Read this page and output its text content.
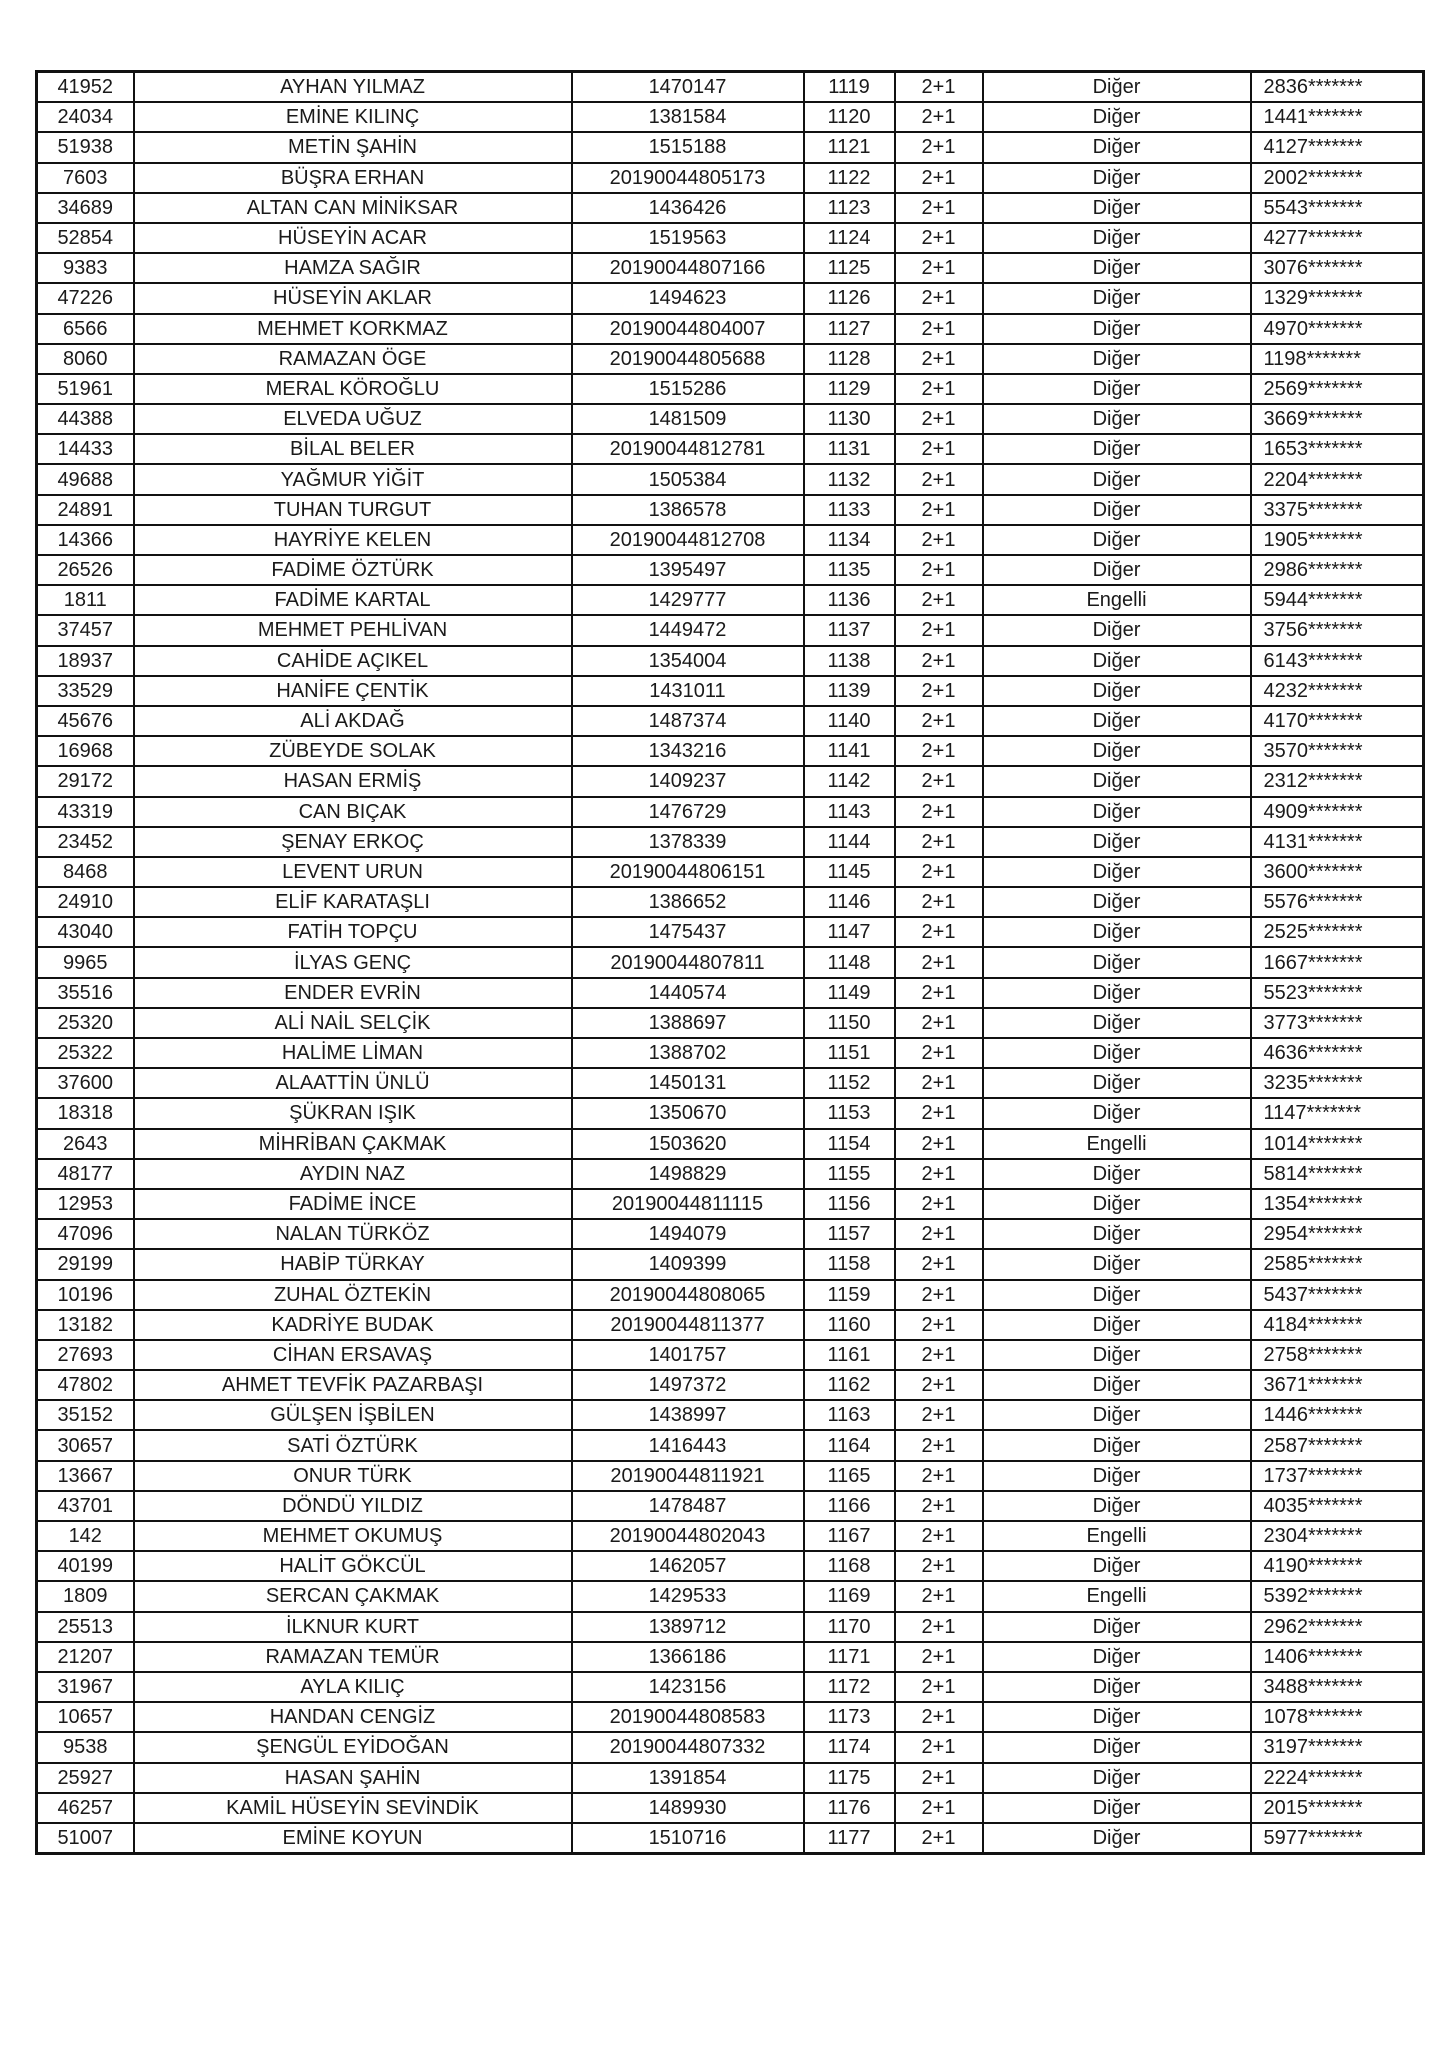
41952	AYHAN YILMAZ	1470147	1119	2+1	Diğer	2836*******
24034	EMİNE KILINÇ	1381584	1120	2+1	Diğer	1441*******
51938	METİN ŞAHİN	1515188	1121	2+1	Diğer	4127*******
7603	BÜŞRA ERHAN	20190044805173	1122	2+1	Diğer	2002*******
34689	ALTAN CAN MİNİKSAR	1436426	1123	2+1	Diğer	5543*******
52854	HÜSEYİN ACAR	1519563	1124	2+1	Diğer	4277*******
9383	HAMZA SAĞIR	20190044807166	1125	2+1	Diğer	3076*******
47226	HÜSEYİN AKLAR	1494623	1126	2+1	Diğer	1329*******
6566	MEHMET KORKMAZ	20190044804007	1127	2+1	Diğer	4970*******
8060	RAMAZAN ÖGE	20190044805688	1128	2+1	Diğer	1198*******
51961	MERAL KÖROĞLU	1515286	1129	2+1	Diğer	2569*******
44388	ELVEDA UĞUZ	1481509	1130	2+1	Diğer	3669*******
14433	BİLAL BELER	20190044812781	1131	2+1	Diğer	1653*******
49688	YAĞMUR YİĞİT	1505384	1132	2+1	Diğer	2204*******
24891	TUHAN TURGUT	1386578	1133	2+1	Diğer	3375*******
14366	HAYRİYE KELEN	20190044812708	1134	2+1	Diğer	1905*******
26526	FADİME ÖZTÜRK	1395497	1135	2+1	Diğer	2986*******
1811	FADİME KARTAL	1429777	1136	2+1	Engelli	5944*******
37457	MEHMET PEHLİVAN	1449472	1137	2+1	Diğer	3756*******
18937	CAHİDE AÇIKEL	1354004	1138	2+1	Diğer	6143*******
33529	HANİFE ÇENTİK	1431011	1139	2+1	Diğer	4232*******
45676	ALİ AKDAĞ	1487374	1140	2+1	Diğer	4170*******
16968	ZÜBEYDE SOLAK	1343216	1141	2+1	Diğer	3570*******
29172	HASAN ERMİŞ	1409237	1142	2+1	Diğer	2312*******
43319	CAN BIÇAK	1476729	1143	2+1	Diğer	4909*******
23452	ŞENAY ERKOÇ	1378339	1144	2+1	Diğer	4131*******
8468	LEVENT URUN	20190044806151	1145	2+1	Diğer	3600*******
24910	ELİF KARATAŞLI	1386652	1146	2+1	Diğer	5576*******
43040	FATİH TOPÇU	1475437	1147	2+1	Diğer	2525*******
9965	İLYAS GENÇ	20190044807811	1148	2+1	Diğer	1667*******
35516	ENDER EVRİN	1440574	1149	2+1	Diğer	5523*******
25320	ALİ NAİL SELÇİK	1388697	1150	2+1	Diğer	3773*******
25322	HALİME LİMAN	1388702	1151	2+1	Diğer	4636*******
37600	ALAATTİN ÜNLÜ	1450131	1152	2+1	Diğer	3235*******
18318	ŞÜKRAN IŞIK	1350670	1153	2+1	Diğer	1147*******
2643	MİHRİBAN ÇAKMAK	1503620	1154	2+1	Engelli	1014*******
48177	AYDIN NAZ	1498829	1155	2+1	Diğer	5814*******
12953	FADİME İNCE	20190044811115	1156	2+1	Diğer	1354*******
47096	NALAN TÜRKÖZ	1494079	1157	2+1	Diğer	2954*******
29199	HABİP TÜRKAY	1409399	1158	2+1	Diğer	2585*******
10196	ZUHAL ÖZTEKİN	20190044808065	1159	2+1	Diğer	5437*******
13182	KADRİYE BUDAK	20190044811377	1160	2+1	Diğer	4184*******
27693	CİHAN ERSAVAŞ	1401757	1161	2+1	Diğer	2758*******
47802	AHMET TEVFİK PAZARBAŞI	1497372	1162	2+1	Diğer	3671*******
35152	GÜLŞEN İŞBİLEN	1438997	1163	2+1	Diğer	1446*******
30657	SATİ ÖZTÜRK	1416443	1164	2+1	Diğer	2587*******
13667	ONUR TÜRK	20190044811921	1165	2+1	Diğer	1737*******
43701	DÖNDÜ YILDIZ	1478487	1166	2+1	Diğer	4035*******
142	MEHMET OKUMUŞ	20190044802043	1167	2+1	Engelli	2304*******
40199	HALİT GÖKCÜL	1462057	1168	2+1	Diğer	4190*******
1809	SERCAN ÇAKMAK	1429533	1169	2+1	Engelli	5392*******
25513	İLKNUR KURT	1389712	1170	2+1	Diğer	2962*******
21207	RAMAZAN TEMÜR	1366186	1171	2+1	Diğer	1406*******
31967	AYLA KILIÇ	1423156	1172	2+1	Diğer	3488*******
10657	HANDAN CENGİZ	20190044808583	1173	2+1	Diğer	1078*******
9538	ŞENGÜL EYİDOĞAN	20190044807332	1174	2+1	Diğer	3197*******
25927	HASAN ŞAHİN	1391854	1175	2+1	Diğer	2224*******
46257	KAMİL HÜSEYİN SEVİNDİK	1489930	1176	2+1	Diğer	2015*******
51007	EMİNE KOYUN	1510716	1177	2+1	Diğer	5977*******
